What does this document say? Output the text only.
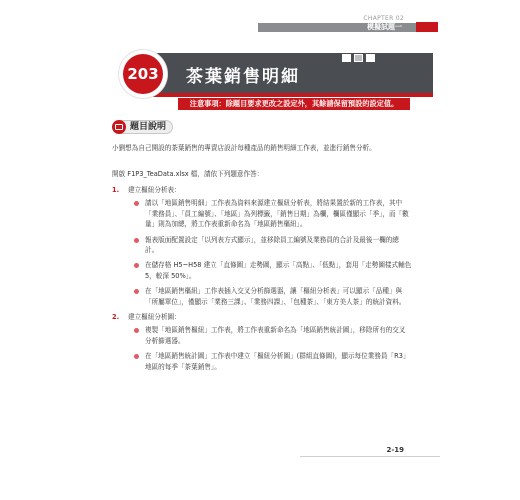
CHAPTER 02
模擬試題一
203 茶葉銷售明細
注意事項：除題目要求更改之設定外，其餘請保留預設的設定值。
題目說明
小劉想為自己開設的茶葉銷售的專賣店設計每種產品的銷售明細工作表，並進行銷售分析。
開啟 F1P3_TeaData.xlsx 檔，請依下列題意作答：
1.	建立樞紐分析表：
請以「地區銷售明細」工作表為資料來源建立樞紐分析表，將結果置於新的工作表，其中「業務員」、「員工編號」、「地區」為列標籤，「銷售日期」為欄，欄區僅顯示「季」，而「數量」則為加總，將工作表重新命名為「地區銷售樞紐」。
報表版面配置設定「以列表方式顯示」，並移除員工編號及業務員的合計及最後一欄的總計。
在儲存格 H5~H58 建立「直條圖」走勢圖，顯示「高點」、「低點」，套用「走勢圖樣式輔色 5，較深 50%」。
在「地區銷售樞紐」工作表插入交叉分析篩選器，讓「樞紐分析表」可以顯示「品種」與「所屬單位」，僅顯示「業務三課」、「業務四課」、「包種茶」、「東方美人茶」的統計資料。
2.	建立樞紐分析圖：
複製「地區銷售樞紐」工作表，將工作表重新命名為「地區銷售統計圖」，移除所有的交叉分析篩選器。
在「地區銷售統計圖」工作表中建立「樞紐分析圖」(群組直條圖)，顯示每位業務員「R3」地區的每季「茶葉銷售」。
2-19
